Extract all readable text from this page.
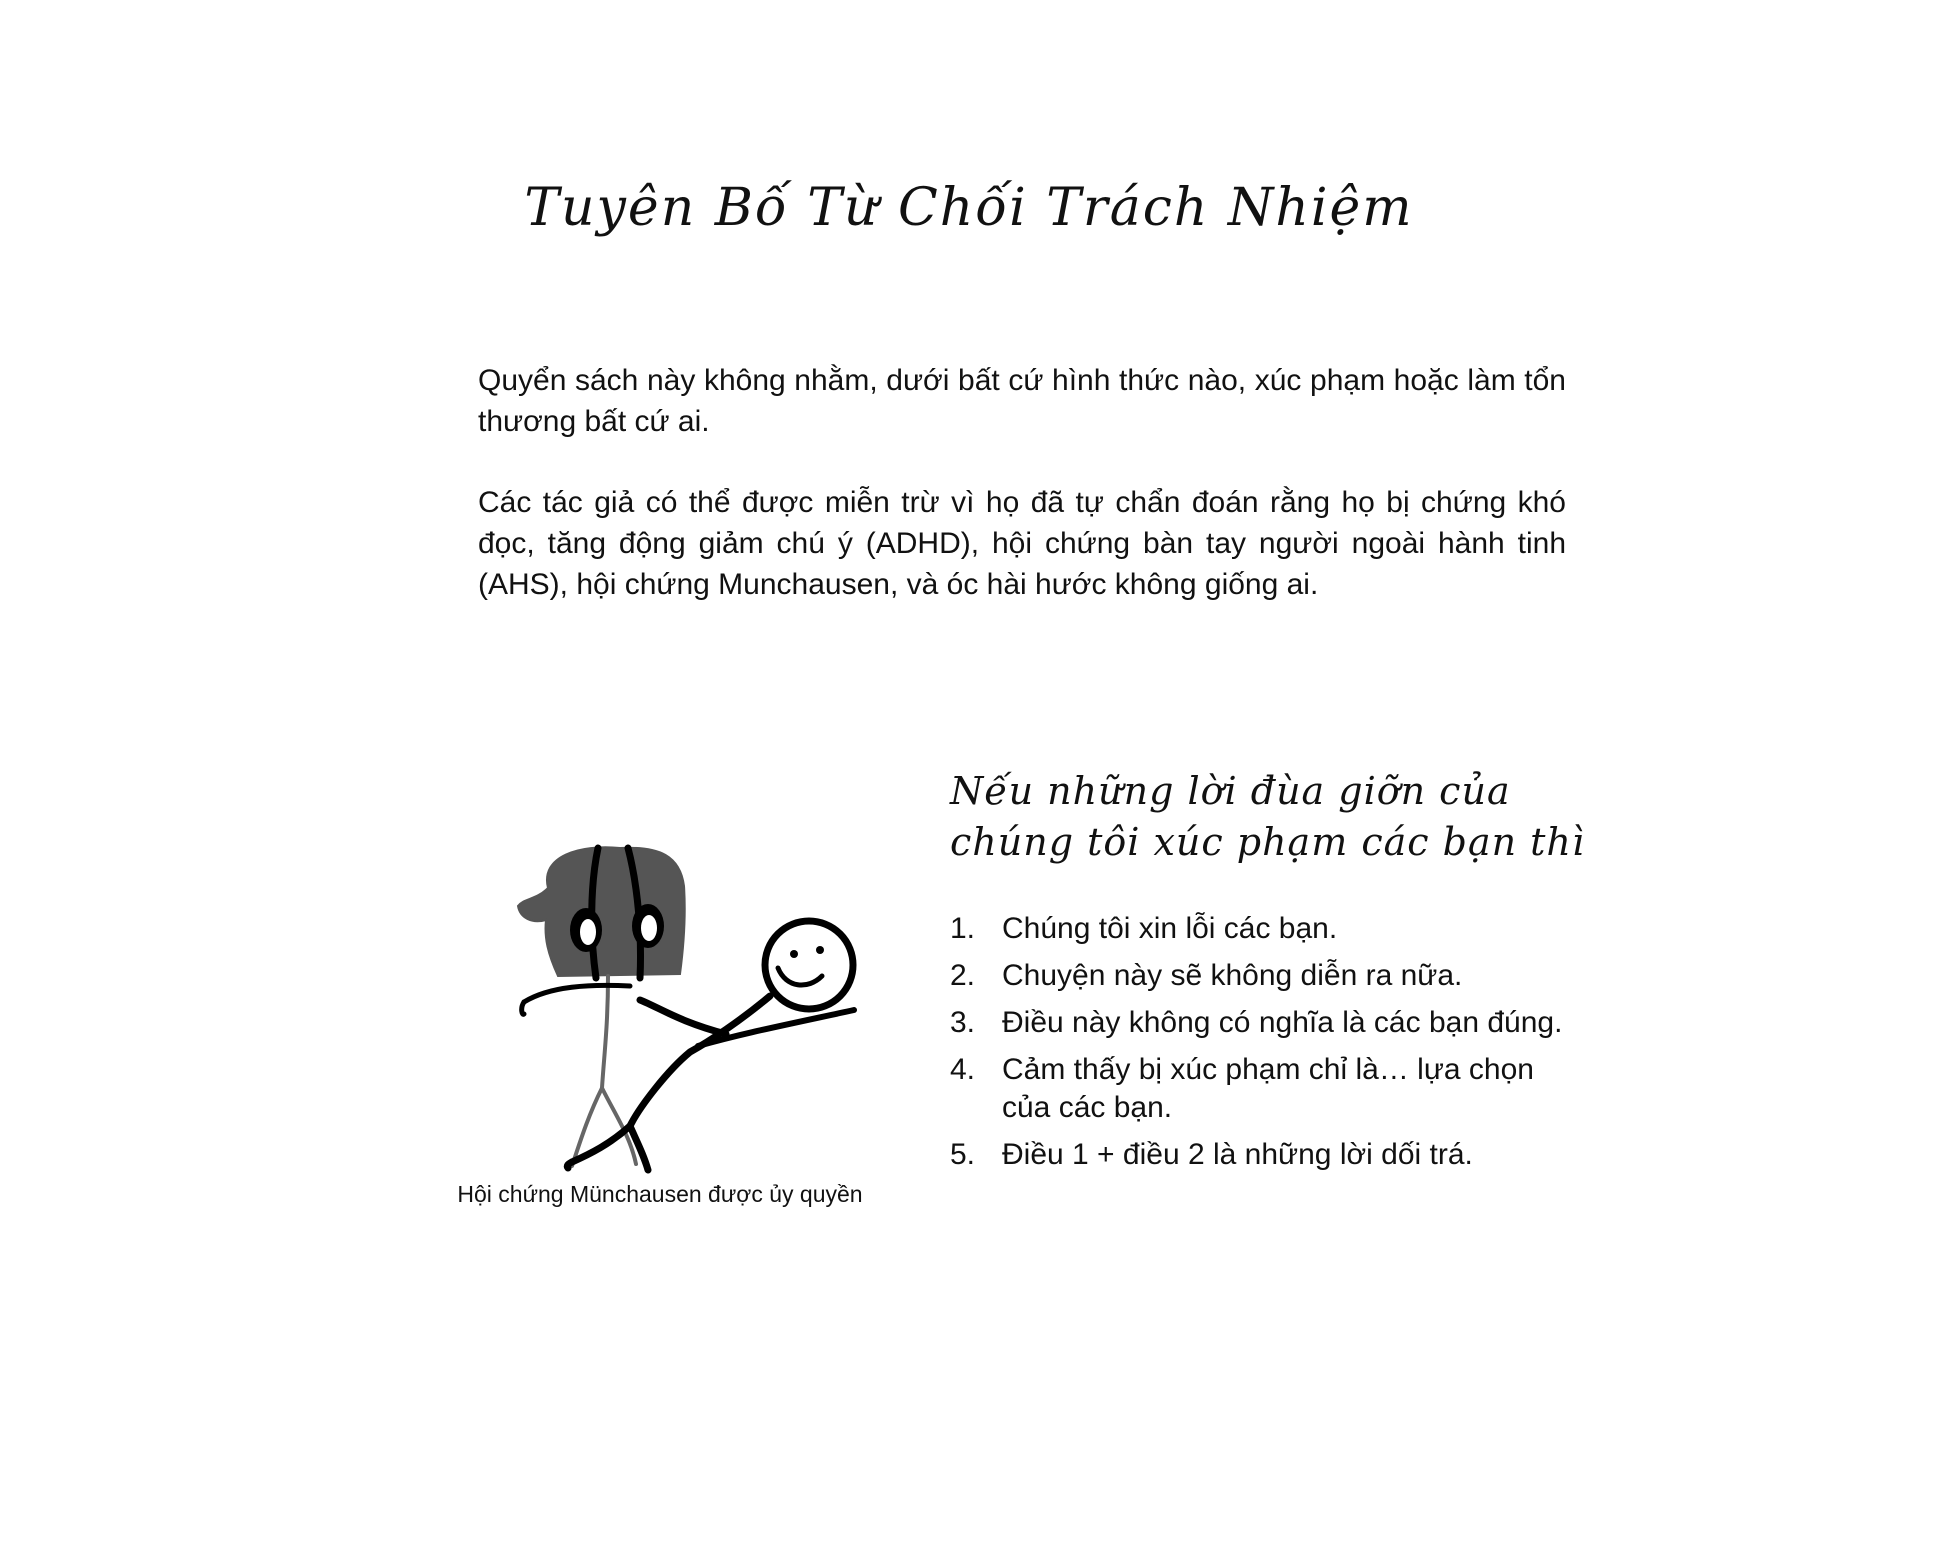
Tuyên Bố Từ Chối Trách Nhiệm

Quyển sách này không nhằm, dưới bất cứ hình thức nào, xúc phạm hoặc làm tổn thương bất cứ ai.

Các tác giả có thể được miễn trừ vì họ đã tự chẩn đoán rằng họ bị chứng khó đọc, tăng động giảm chú ý (ADHD), hội chứng bàn tay người ngoài hành tinh (AHS), hội chứng Munchausen, và óc hài hước không giống ai.

Hội chứng Münchausen được ủy quyền
Nếu những lời đùa giỡn của chúng tôi xúc phạm các bạn thì
1. Chúng tôi xin lỗi các bạn.
2. Chuyện này sẽ không diễn ra nữa.
3. Điều này không có nghĩa là các bạn đúng.
4. Cảm thấy bị xúc phạm chỉ là… lựa chọn của các bạn.
5. Điều 1 + điều 2 là những lời dối trá.
